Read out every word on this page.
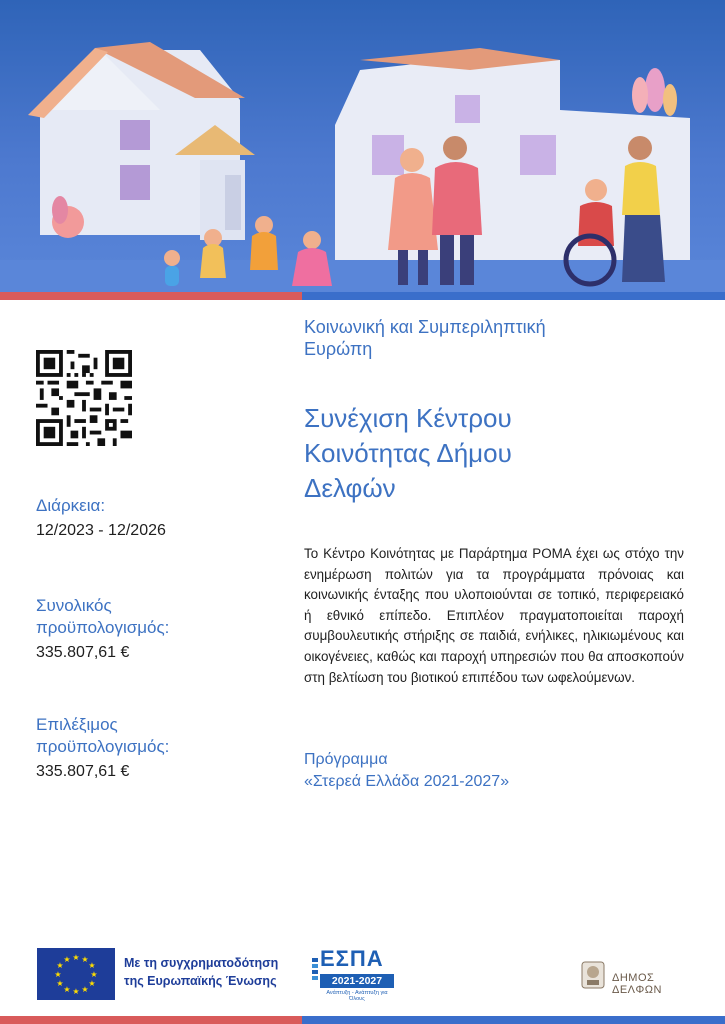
Διάρκεια:
12/2023 - 12/2026
Συνολικός
προϋπολογισμός:
335.807,61 €
Επιλέξιμος
προϋπολογισμός:
335.807,61 €
Κοινωνική και Συμπεριληπτική
Ευρώπη
Συνέχιση Κέντρου
Κοινότητας Δήμου
Δελφών
Το Κέντρο Κοινότητας με Παράρτημα ΡΟΜΑ έχει ως στόχο την ενημέρωση πολιτών για τα προγράμματα πρόνοιας και κοινωνικής ένταξης που υλοποιούνται σε τοπικό, περιφερειακό ή εθνικό επίπεδο. Επιπλέον πραγματοποιείται παροχή συμβουλευτικής στήριξης σε παιδιά, ενήλικες, ηλικιωμένους και οικογένειες, καθώς και παροχή υπηρεσιών που θα αποσκοπούν στη βελτίωση του βιοτικού επιπέδου των ωφελούμενων.
Πρόγραμμα
«Στερεά Ελλάδα 2021-2027»
★ ★
★
★
★
★
★
★
★
★
★
★	Με τη συγχρηματοδότηση
της Ευρωπαϊκής Ένωσης
ΕΣΠΑ
2021-2027
Ανάπτυξη - Ανάπτυξη για Όλους
ΔΗΜΟΣ ΔΕΛΦΩΝ
